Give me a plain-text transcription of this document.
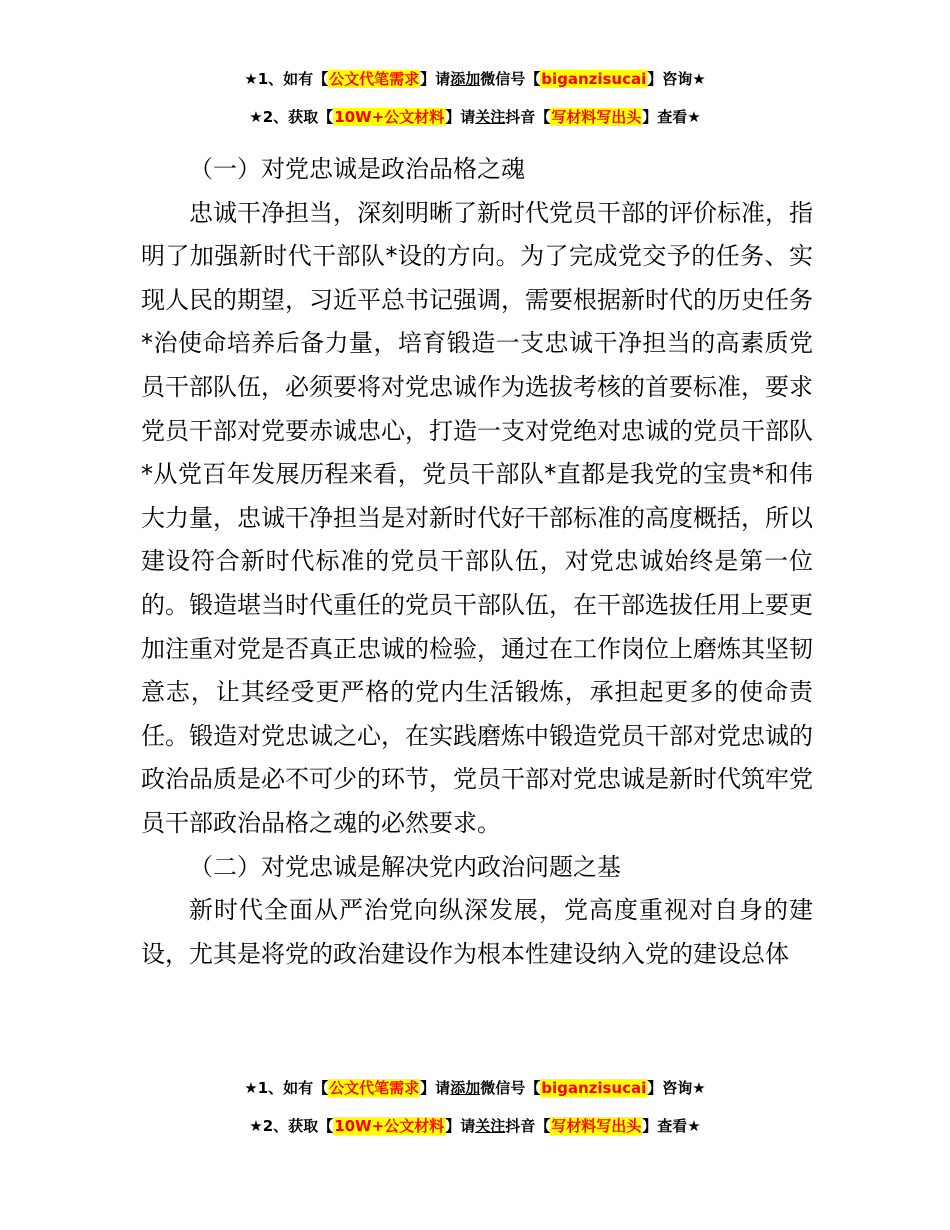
★1、如有【公文代笔需求】请添加微信号【biganzisucai】咨询★
★2、获取【10W+公文材料】请关注抖音【写材料写出头】查看★

（一）对党忠诚是政治品格之魂

忠诚干净担当，深刻明晰了新时代党员干部的评价标准，指明了加强新时代干部队*设的方向。为了完成党交予的任务、实现人民的期望，习近平总书记强调，需要根据新时代的历史任务*治使命培养后备力量，培育锻造一支忠诚干净担当的高素质党员干部队伍，必须要将对党忠诚作为选拔考核的首要标准，要求党员干部对党要赤诚忠心，打造一支对党绝对忠诚的党员干部队*从党百年发展历程来看，党员干部队*直都是我党的宝贵*和伟大力量，忠诚干净担当是对新时代好干部标准的高度概括，所以建设符合新时代标准的党员干部队伍，对党忠诚始终是第一位的。锻造堪当时代重任的党员干部队伍，在干部选拔任用上要更加注重对党是否真正忠诚的检验，通过在工作岗位上磨炼其坚韧意志，让其经受更严格的党内生活锻炼，承担起更多的使命责任。锻造对党忠诚之心，在实践磨炼中锻造党员干部对党忠诚的政治品质是必不可少的环节，党员干部对党忠诚是新时代筑牢党员干部政治品格之魂的必然要求。

（二）对党忠诚是解决党内政治问题之基

新时代全面从严治党向纵深发展，党高度重视对自身的建设，尤其是将党的政治建设作为根本性建设纳入党的建设总体

★1、如有【公文代笔需求】请添加微信号【biganzisucai】咨询★
★2、获取【10W+公文材料】请关注抖音【写材料写出头】查看★
